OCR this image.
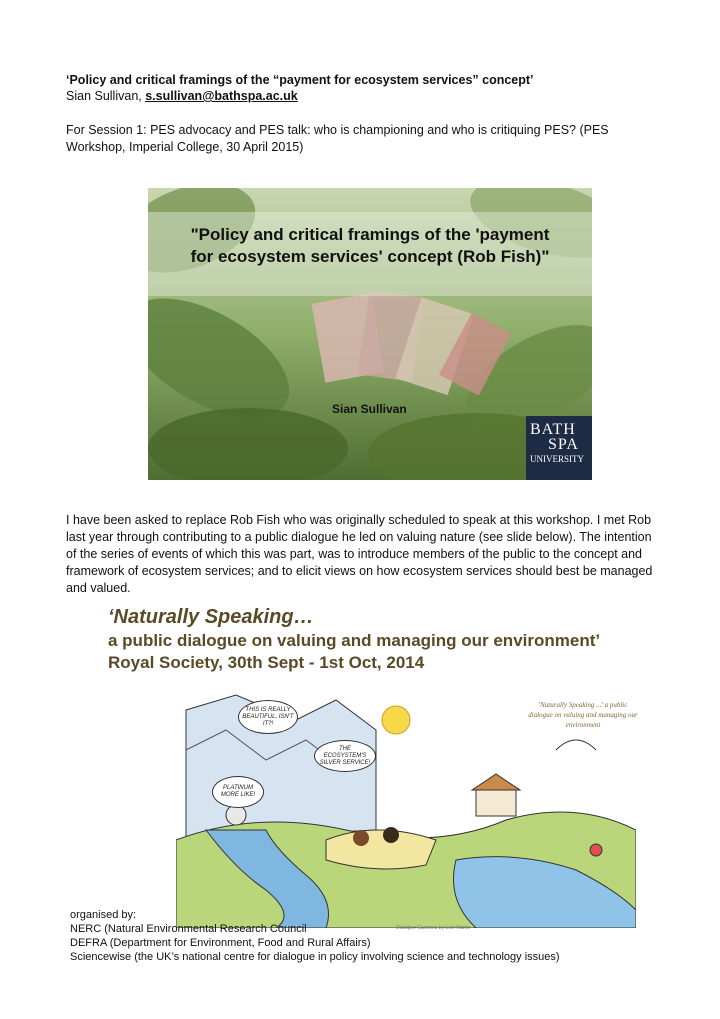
‘Policy and critical framings of the “payment for ecosystem services” concept’
Sian Sullivan, s.sullivan@bathspa.ac.uk
For Session 1: PES advocacy and PES talk: who is championing and who is critiquing PES? (PES Workshop, Imperial College, 30 April 2015)
"Policy and critical framings of the 'payment for ecosystem services' concept (Rob Fish)"
Sian Sullivan
BATH
SPA
UNIVERSITY
I have been asked to replace Rob Fish who was originally scheduled to speak at this workshop. I met Rob last year through contributing to a public dialogue he led on valuing nature (see slide below). The intention of the series of events of which this was part, was to introduce members of the public to the concept and framework of ecosystem services; and to elicit views on how ecosystem services should best be managed and valued.
‘Naturally Speaking…
a public dialogue on valuing and managing our environment’
Royal Society, 30th Sept - 1st Oct, 2014
THIS IS REALLY BEAUTIFUL, ISN'T IT?!
THE ECOSYSTEM'S SILVER SERVICE!
PLATINUM MORE LIKE!
'Naturally Speaking ...' a public dialogue on valuing and managing our environment
Dialogue Cartoons by Lolo Martin
organised by:
NERC (Natural Environmental Research Council
DEFRA (Department for Environment, Food and Rural Affairs)
Sciencewise (the UK’s national centre for dialogue in policy involving science and technology issues)
